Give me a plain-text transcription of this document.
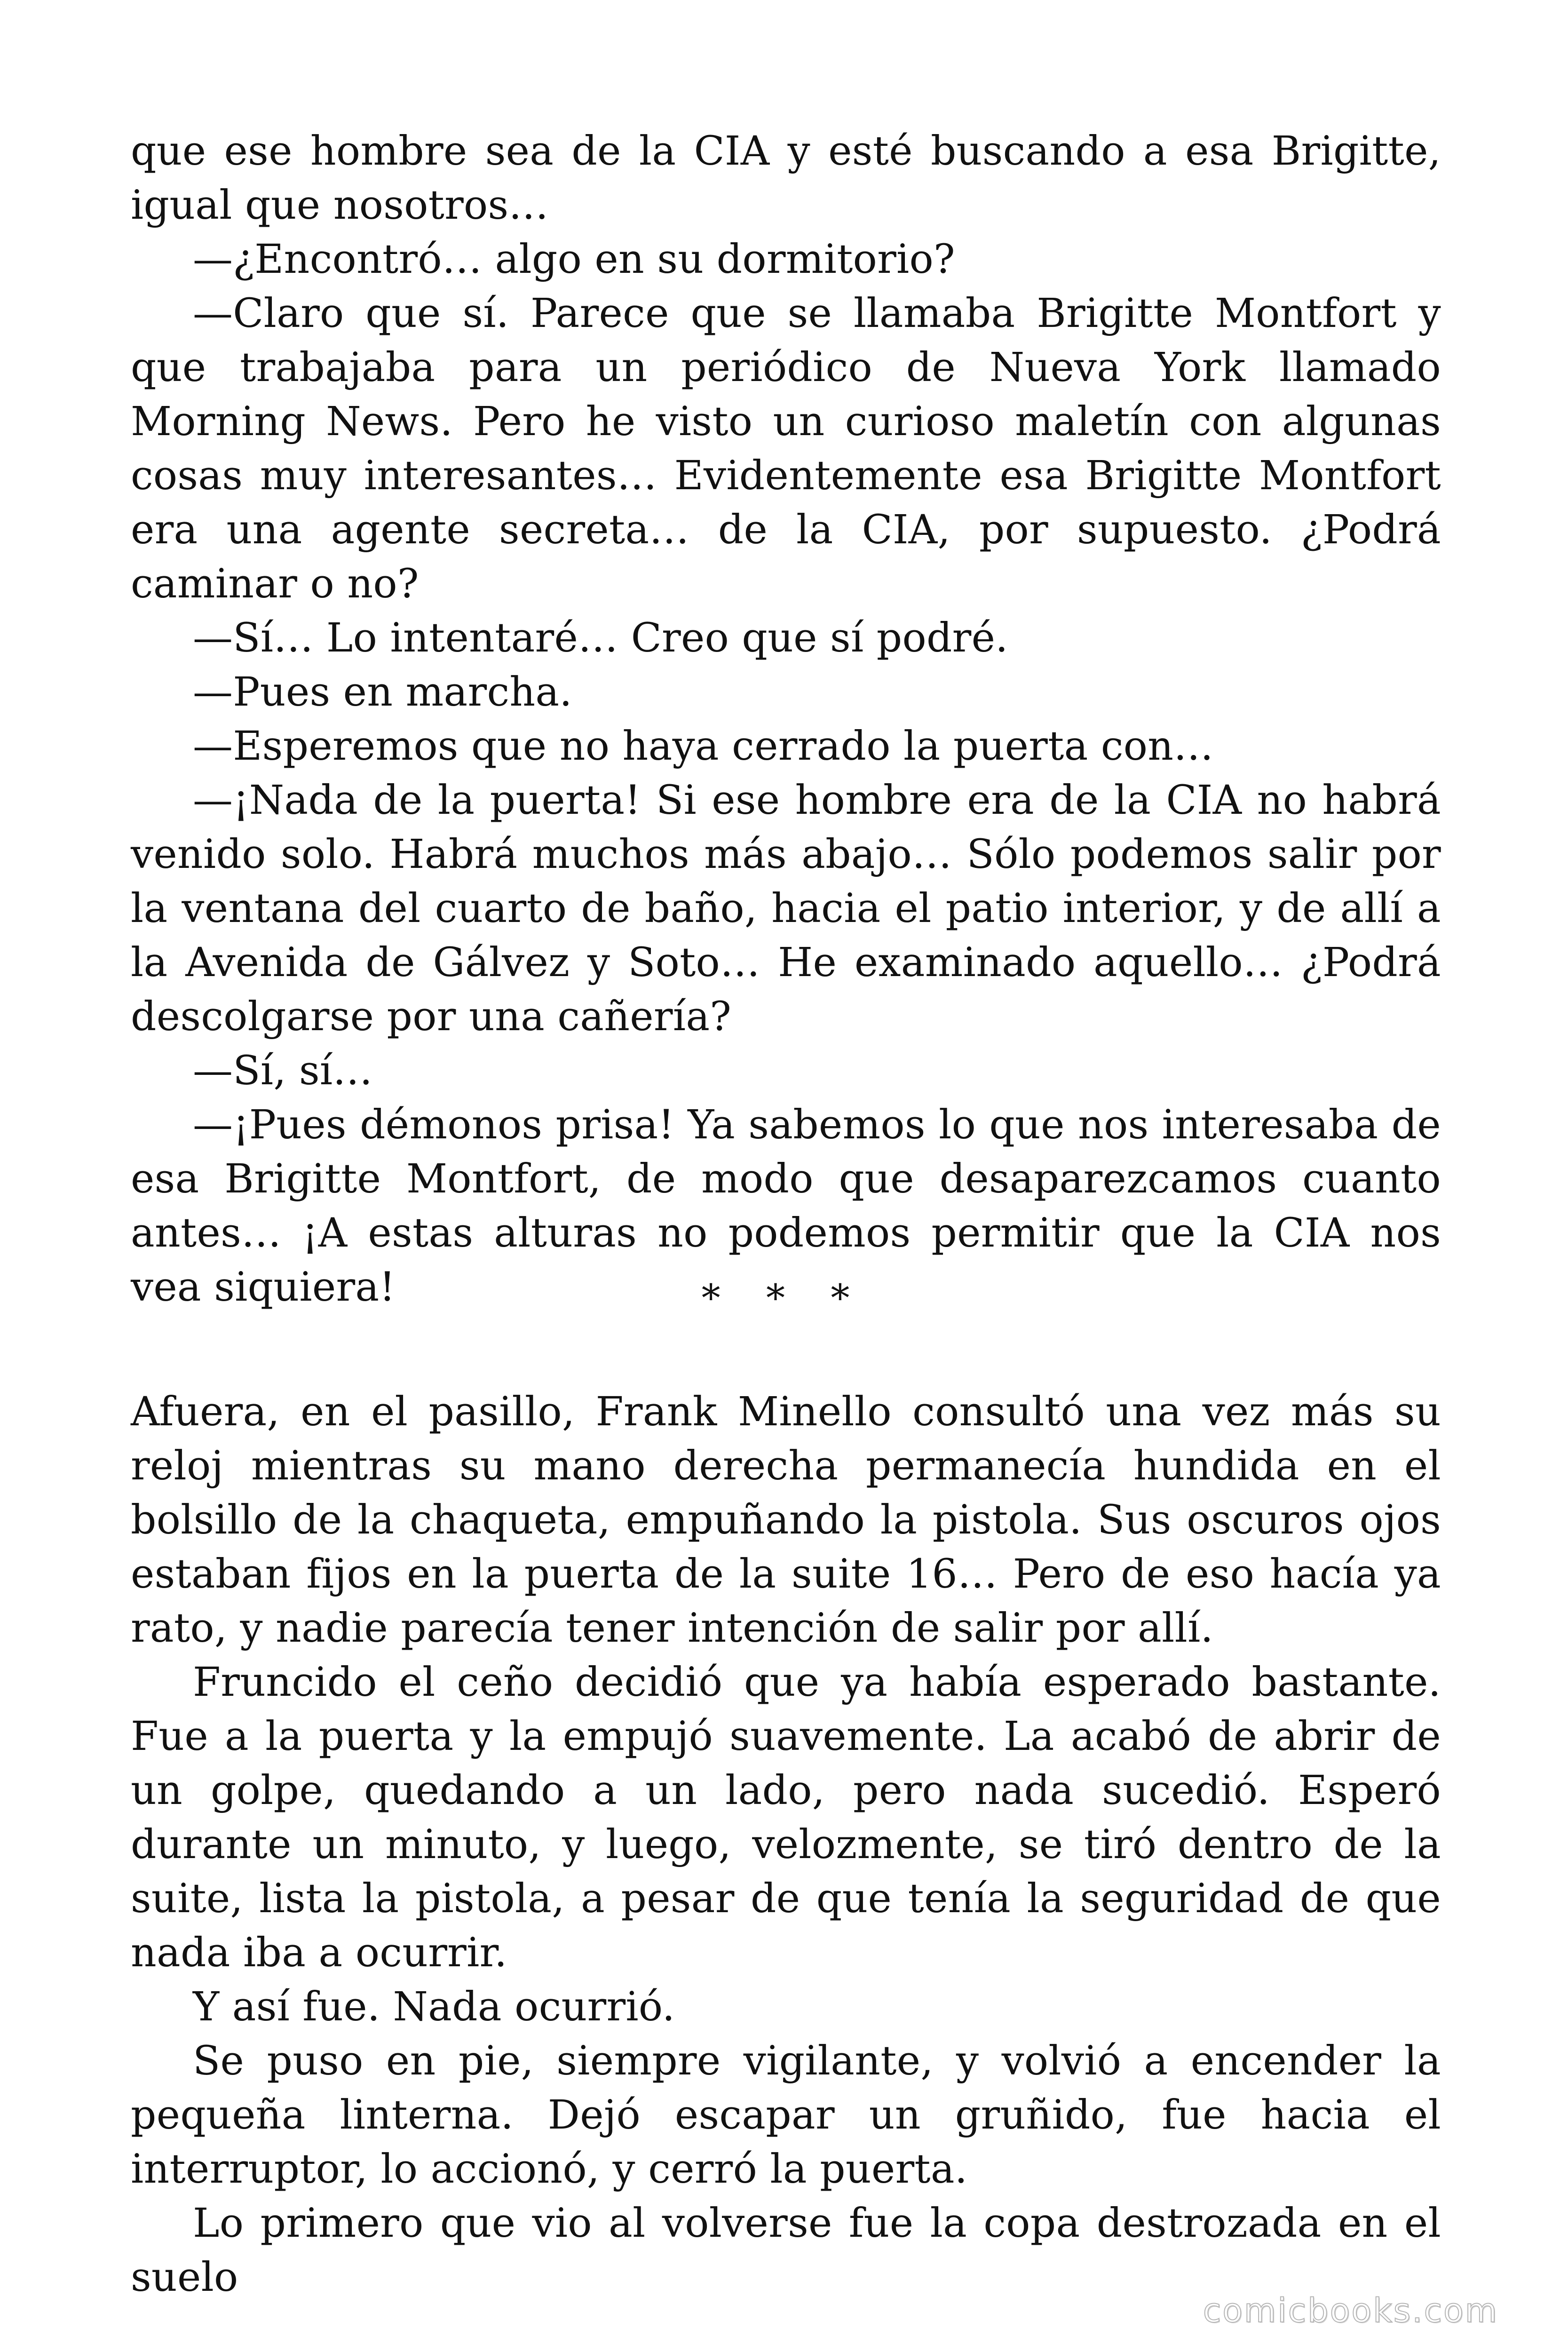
que ese hombre sea de la CIA y esté buscando a esa Brigitte, igual que nosotros…

—¿Encontró… algo en su dormitorio?

—Claro que sí. Parece que se llamaba Brigitte Montfort y que trabajaba para un periódico de Nueva York llamado Morning News. Pero he visto un curioso maletín con algunas cosas muy interesantes… Evidentemente esa Brigitte Montfort era una agente secreta… de la CIA, por supuesto. ¿Podrá caminar o no?

—Sí… Lo intentaré… Creo que sí podré.

—Pues en marcha.

—Esperemos que no haya cerrado la puerta con…

—¡Nada de la puerta! Si ese hombre era de la CIA no habrá venido solo. Habrá muchos más abajo… Sólo podemos salir por la ventana del cuarto de baño, hacia el patio interior, y de allí a la Avenida de Gálvez y Soto… He examinado aquello… ¿Podrá descolgarse por una cañería?

—Sí, sí…

—¡Pues démonos prisa! Ya sabemos lo que nos interesaba de esa Brigitte Montfort, de modo que desaparezcamos cuanto antes… ¡A estas alturas no podemos permitir que la CIA nos vea siquiera!	* * *

Afuera, en el pasillo, Frank Minello consultó una vez más su reloj mientras su mano derecha permanecía hundida en el bolsillo de la chaqueta, empuñando la pistola. Sus oscuros ojos estaban fijos en la puerta de la suite 16… Pero de eso hacía ya rato, y nadie parecía tener intención de salir por allí.

Fruncido el ceño decidió que ya había esperado bastante. Fue a la puerta y la empujó suavemente. La acabó de abrir de un golpe, quedando a un lado, pero nada sucedió. Esperó durante un minuto, y luego, velozmente, se tiró dentro de la suite, lista la pistola, a pesar de que tenía la seguridad de que nada iba a ocurrir.

Y así fue. Nada ocurrió.

Se puso en pie, siempre vigilante, y volvió a encender la pequeña linterna. Dejó escapar un gruñido, fue hacia el interruptor, lo accionó, y cerró la puerta.

Lo primero que vio al volverse fue la copa destrozada en el suelo

comicbooks.com
